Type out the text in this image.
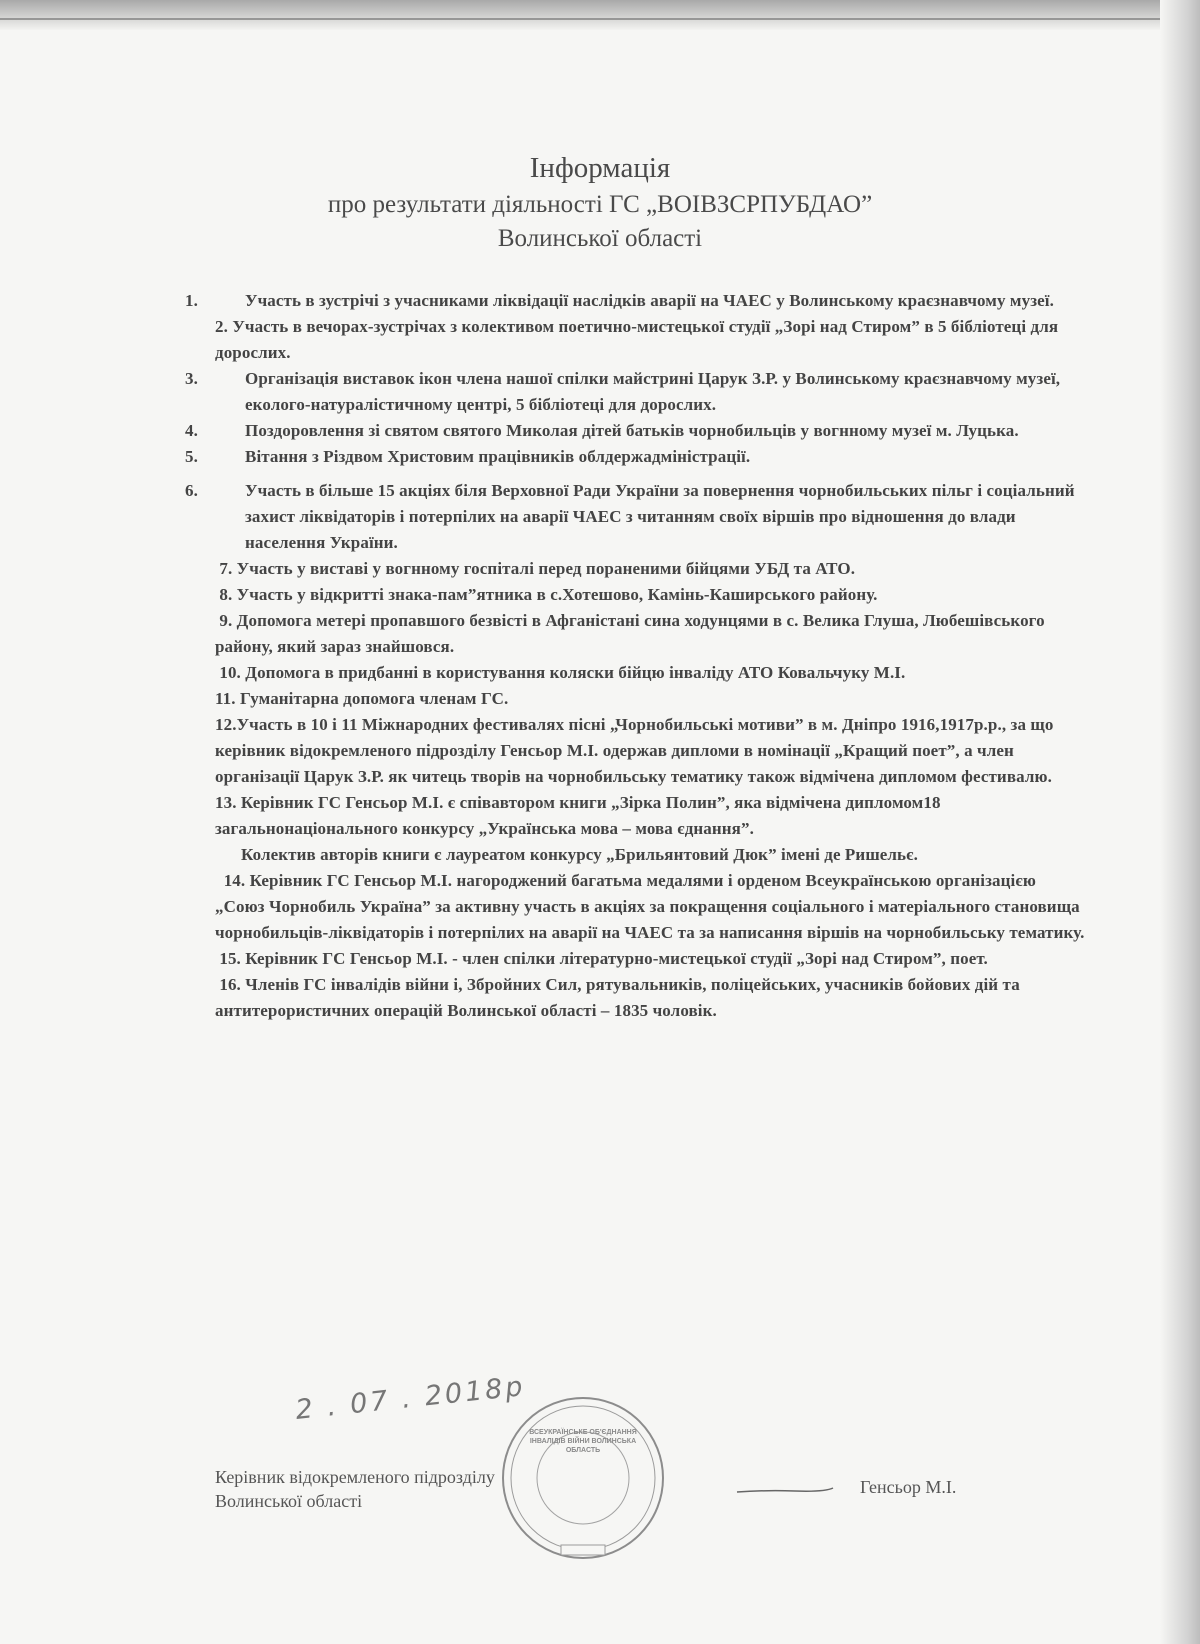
Інформація
про результати діяльності ГС „ВОІВЗСРПУБДАО”
Волинської області

1.	Участь в зустрічі з учасниками ліквідації наслідків аварії на ЧАЕС у Волинському краєзнавчому музеї.

2. Участь в вечорах-зустрічах з колективом поетично-мистецької студії „Зорі над Стиром” в 5 бібліотеці для дорослих.

3.	Організація виставок ікон члена нашої спілки майстрині Царук З.Р. у Волинському краєзнавчому музеї, еколого-натуралістичному центрі, 5 бібліотеці для дорослих.

4.	Поздоровлення зі святом святого Миколая дітей батьків чорнобильців у вогнному музеї м. Луцька.

5.	Вітання з Різдвом Христовим працівників облдержадміністрації.

6.	Участь в більше 15 акціях біля Верховної Ради України за повернення чорнобильських пільг і соціальний захист ліквідаторів і потерпілих на аварії ЧАЕС з читанням своїх віршів про відношення до влади населення України.

7. Участь у виставі у вогнному госпіталі перед пораненими бійцями УБД та АТО.

8. Участь у відкритті знака-пам”ятника в с.Хотешово, Камінь-Каширського району.

9. Допомога метері пропавшого безвісті в Афганістані сина ходунцями в с. Велика Глуша, Любешівського району, який зараз знайшовся.

10. Допомога в придбанні в користування коляски бійцю інваліду АТО Ковальчуку М.І.

11. Гуманітарна допомога членам ГС.

12.Участь в 10 і 11 Міжнародних фестивалях пісні „Чорнобильські мотиви” в м. Дніпро 1916,1917р.р., за що керівник відокремленого підрозділу Генсьор М.І. одержав дипломи в номінації „Кращий поет”, а член організації Царук З.Р. як читець творів на чорнобильську тематику також відмічена дипломом фестивалю.

13. Керівник ГС Генсьор М.І. є співавтором книги „Зірка Полин”, яка відмічена дипломом18 загальнонаціонального конкурсу „Українська мова – мова єднання”.

Колектив авторів книги є лауреатом конкурсу „Брильянтовий Дюк” імені де Ришельє.

14. Керівник ГС Генсьор М.І. нагороджений багатьма медалями і орденом Всеукраїнською організацією „Союз Чорнобиль Україна” за активну участь в акціях за покращення соціального і матеріального становища чорнобильців-ліквідаторів і потерпілих на аварії на ЧАЕС та за написання віршів на чорнобильську тематику.

15. Керівник ГС Генсьор М.І. - член спілки літературно-мистецької студії „Зорі над Стиром”, поет.

16. Членів ГС інвалідів війни і, Збройних Сил, рятувальників, поліцейських, учасників бойових дій та антитерористичних операцій Волинської області – 1835 чоловік.

2 . 07 . 2018р
ВСЕУКРАЇНСЬКЕ ОБ'ЄДНАННЯ ІНВАЛІДІВ ВІЙНИ ВОЛИНСЬКА ОБЛАСТЬ
Керівник відокремленого підрозділу
Волинської області
Генсьор М.І.
